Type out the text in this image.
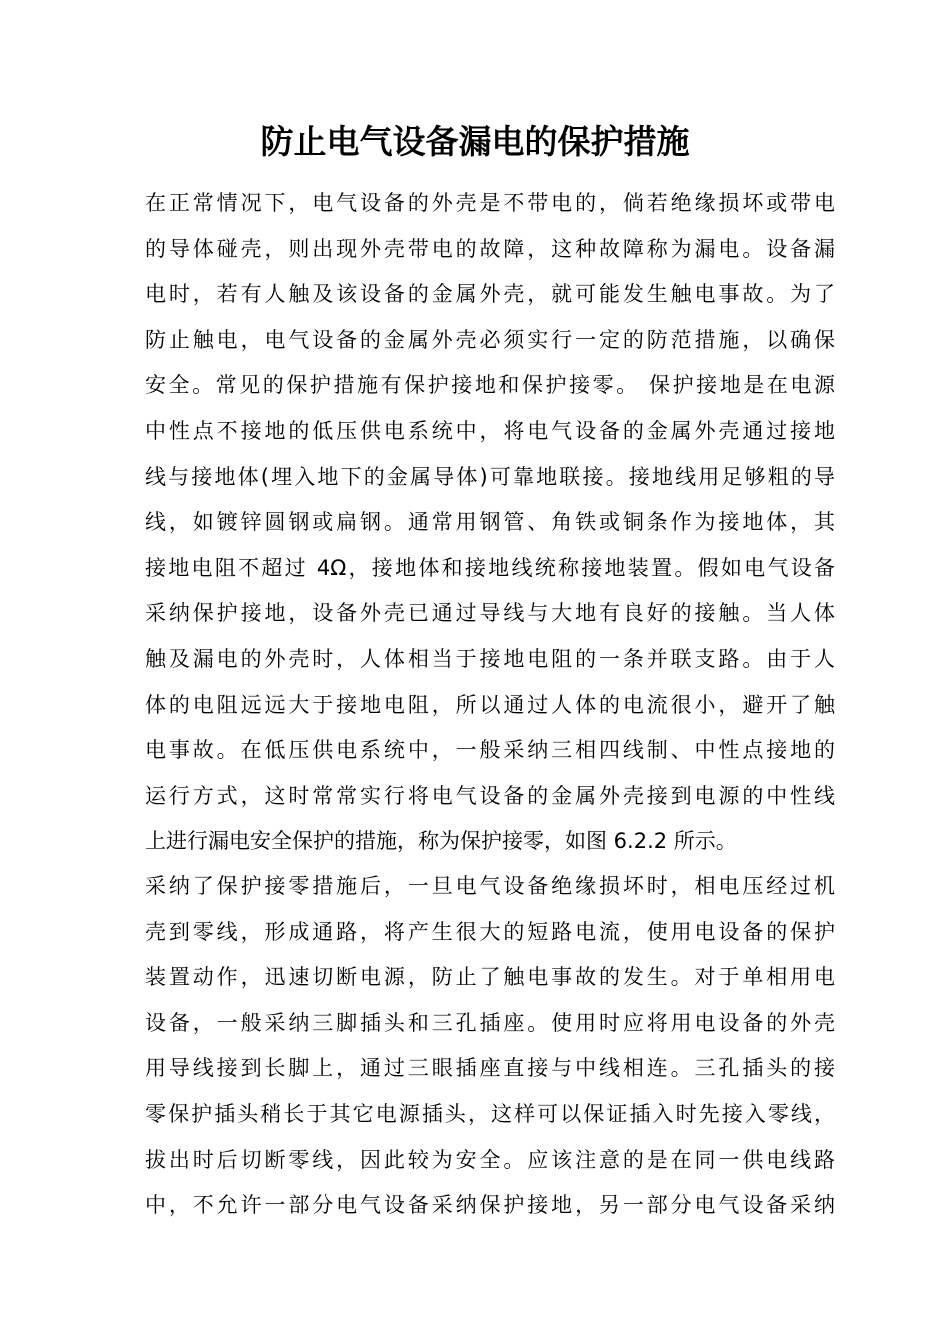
防止电气设备漏电的保护措施
在正常情况下，电气设备的外壳是不带电的，倘若绝缘损坏或带电
的导体碰壳，则出现外壳带电的故障，这种故障称为漏电。设备漏
电时，若有人触及该设备的金属外壳，就可能发生触电事故。为了
防止触电，电气设备的金属外壳必须实行一定的防范措施，以确保
安全。常见的保护措施有保护接地和保护接零。 保护接地是在电源
中性点不接地的低压供电系统中，将电气设备的金属外壳通过接地
线与接地体(埋入地下的金属导体)可靠地联接。接地线用足够粗的导
线，如镀锌圆钢或扁钢。通常用钢管、角铁或铜条作为接地体，其
接地电阻不超过 4Ω，接地体和接地线统称接地装置。假如电气设备
采纳保护接地，设备外壳已通过导线与大地有良好的接触。当人体
触及漏电的外壳时，人体相当于接地电阻的一条并联支路。由于人
体的电阻远远大于接地电阻，所以通过人体的电流很小，避开了触
电事故。在低压供电系统中，一般采纳三相四线制、中性点接地的
运行方式，这时常常实行将电气设备的金属外壳接到电源的中性线
上进行漏电安全保护的措施，称为保护接零，如图 6.2.2 所示。
采纳了保护接零措施后，一旦电气设备绝缘损坏时，相电压经过机
壳到零线，形成通路，将产生很大的短路电流，使用电设备的保护
装置动作，迅速切断电源，防止了触电事故的发生。对于单相用电
设备，一般采纳三脚插头和三孔插座。使用时应将用电设备的外壳
用导线接到长脚上，通过三眼插座直接与中线相连。三孔插头的接
零保护插头稍长于其它电源插头，这样可以保证插入时先接入零线，
拔出时后切断零线，因此较为安全。应该注意的是在同一供电线路
中，不允许一部分电气设备采纳保护接地，另一部分电气设备采纳
